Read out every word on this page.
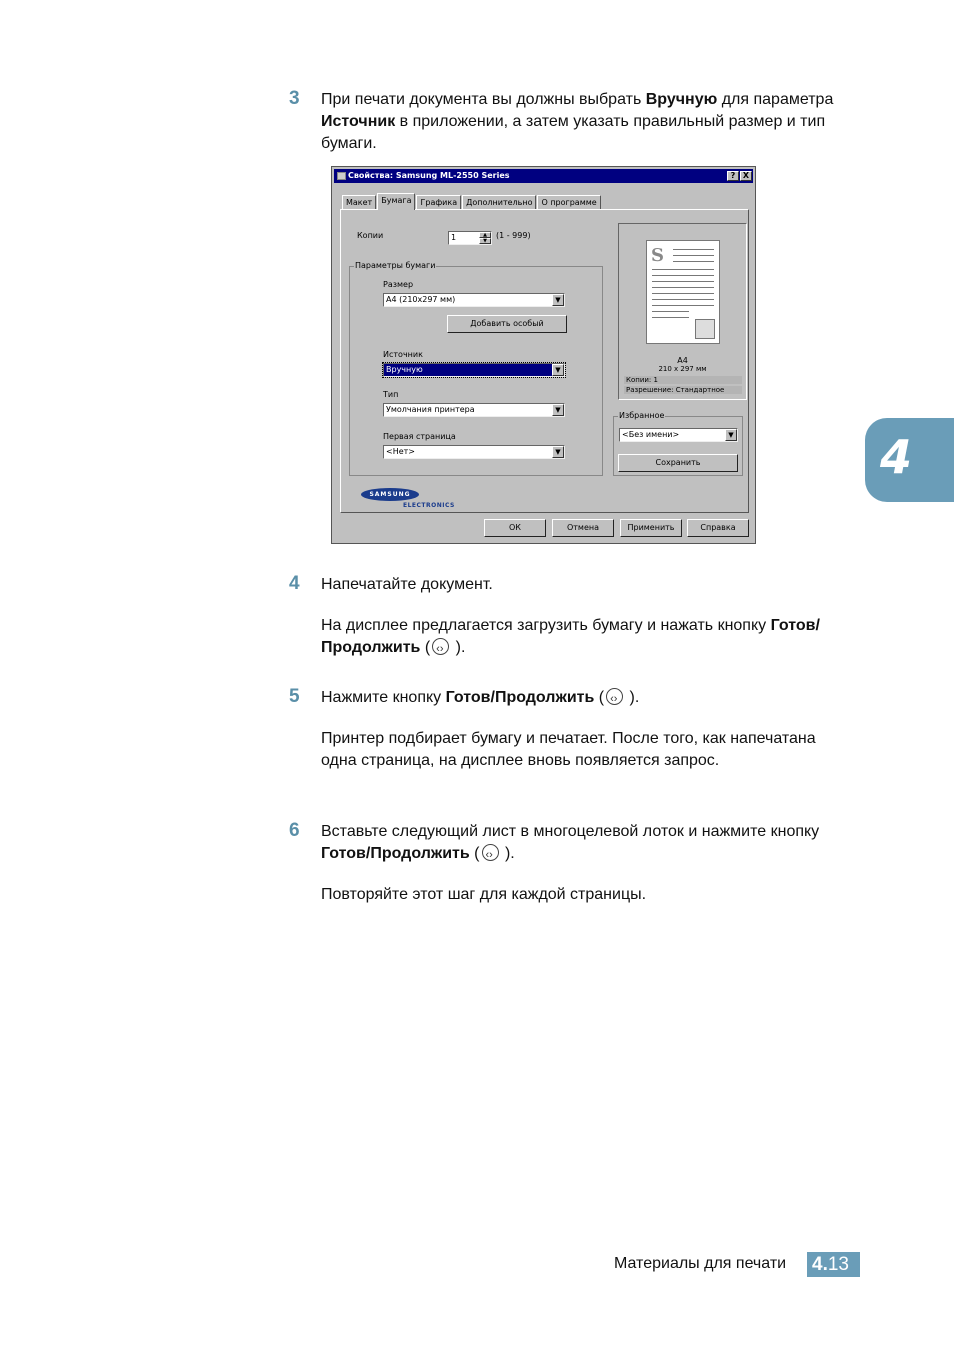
3 При печати документа вы должны выбрать Вручную для параметра Источник в приложении, а затем указать правильный размер и тип бумаги.
Свойства: Samsung ML-2550 Series	? X
Макет	Бумага	Графика	Дополнительно	О программе
Копии	1	▲
▼
(1 - 999)
Параметры бумаги
Размер
A4 (210x297 мм)	▼
Добавить особый
Источник
Вручную	▼
Тип
Умолчания принтера	▼
Первая страница
<Нет>	▼
S
A4
210 x 297 мм
Копии: 1
Разрешение: Стандартное
Избранное
<Без имени>	▼
Сохранить
SAMSUNG
ELECTRONICS
ОК	Отмена	Применить	Справка
4 Напечатайте документ.
На дисплее предлагается загрузить бумагу и нажать кнопку Готов/Продолжить (‹› ).
5 Нажмите кнопку Готов/Продолжить (‹› ).
Принтер подбирает бумагу и печатает. После того, как напечатана одна страница, на дисплее вновь появляется запрос.
6 Вставьте следующий лист в многоцелевой лоток и нажмите кнопку Готов/Продолжить (‹› ).
Повторяйте этот шаг для каждой страницы.
4
Материалы для печати 4.13
